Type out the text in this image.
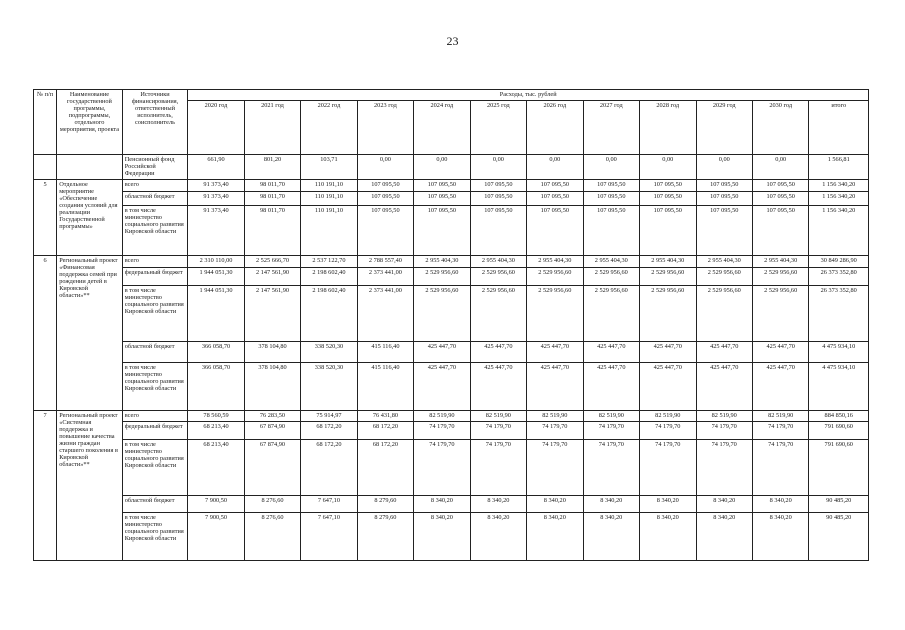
23
№ п/п	Наименование государственной программы, подпрограммы, отдельного мероприятия, проекта	Источники финансирования, ответственный исполнитель, соисполнитель	Расходы, тыс. рублей											
			2020 год	2021 год	2022 год	2023 год	2024 год	2025 год	2026 год	2027 год	2028 год	2029 год	2030 год	итого
		Пенсионный фонд Российской Федерации	661,90	801,20	103,71	0,00	0,00	0,00	0,00	0,00	0,00	0,00	0,00	1 566,81
5	Отдельное мероприятие «Обеспечение создания условий для реализации Государственной программы»	всего	91 373,40	98 011,70	110 191,10	107 095,50	107 095,50	107 095,50	107 095,50	107 095,50	107 095,50	107 095,50	107 095,50	1 156 340,20
		областной бюджет	91 373,40	98 011,70	110 191,10	107 095,50	107 095,50	107 095,50	107 095,50	107 095,50	107 095,50	107 095,50	107 095,50	1 156 340,20
		в том числе министерство социального развития Кировской области	91 373,40	98 011,70	110 191,10	107 095,50	107 095,50	107 095,50	107 095,50	107 095,50	107 095,50	107 095,50	107 095,50	1 156 340,20
6	Региональный проект «Финансовая поддержка семей при рождении детей в Кировской области»**	всего	2 310 110,00	2 525 666,70	2 537 122,70	2 788 557,40	2 955 404,30	2 955 404,30	2 955 404,30	2 955 404,30	2 955 404,30	2 955 404,30	2 955 404,30	30 849 286,90
		федеральный бюджет	1 944 051,30	2 147 561,90	2 198 602,40	2 373 441,00	2 529 956,60	2 529 956,60	2 529 956,60	2 529 956,60	2 529 956,60	2 529 956,60	2 529 956,60	26 373 352,80
		в том числе министерство социального развития Кировской области	1 944 051,30	2 147 561,90	2 198 602,40	2 373 441,00	2 529 956,60	2 529 956,60	2 529 956,60	2 529 956,60	2 529 956,60	2 529 956,60	2 529 956,60	26 373 352,80
		областной бюджет	366 058,70	378 104,80	338 520,30	415 116,40	425 447,70	425 447,70	425 447,70	425 447,70	425 447,70	425 447,70	425 447,70	4 475 934,10
		в том числе министерство социального развития Кировской области	366 058,70	378 104,80	338 520,30	415 116,40	425 447,70	425 447,70	425 447,70	425 447,70	425 447,70	425 447,70	425 447,70	4 475 934,10
7	Региональный проект «Системная поддержка и повышение качества жизни граждан старшего поколения в Кировской области»**	всего	78 560,59	76 283,50	75 914,97	76 431,80	82 519,90	82 519,90	82 519,90	82 519,90	82 519,90	82 519,90	82 519,90	884 850,16
		федеральный бюджет	68 213,40	67 874,90	68 172,20	68 172,20	74 179,70	74 179,70	74 179,70	74 179,70	74 179,70	74 179,70	74 179,70	791 690,60
		в том числе министерство социального развития Кировской области	68 213,40	67 874,90	68 172,20	68 172,20	74 179,70	74 179,70	74 179,70	74 179,70	74 179,70	74 179,70	74 179,70	791 690,60
		областной бюджет	7 900,50	8 276,60	7 647,10	8 279,60	8 340,20	8 340,20	8 340,20	8 340,20	8 340,20	8 340,20	8 340,20	90 485,20
		в том числе министерство социального развития Кировской области	7 900,50	8 276,60	7 647,10	8 279,60	8 340,20	8 340,20	8 340,20	8 340,20	8 340,20	8 340,20	8 340,20	90 485,20
